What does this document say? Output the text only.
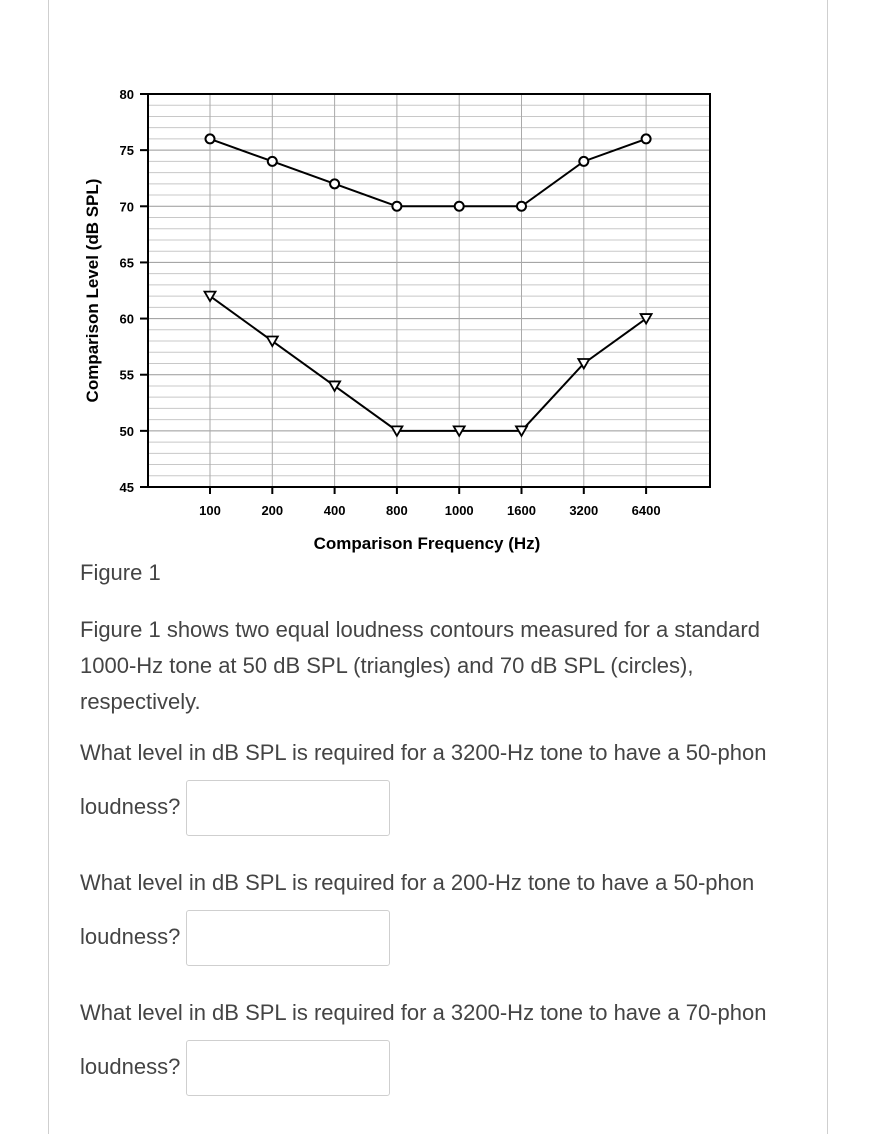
80
75
70
65
60
55
50
45
100	200	400	800	1000	1600	3200	6400
Comparison Frequency (Hz)
Comparison Level (dB SPL)
Figure 1
Figure 1 shows two equal loudness contours measured for a standard 1000-Hz tone at 50 dB SPL (triangles) and 70 dB SPL (circles), respectively.
What level in dB SPL is required for a 3200-Hz tone to have a 50-phon loudness?
What level in dB SPL is required for a 200-Hz tone to have a 50-phon loudness?
What level in dB SPL is required for a 3200-Hz tone to have a 70-phon loudness?
